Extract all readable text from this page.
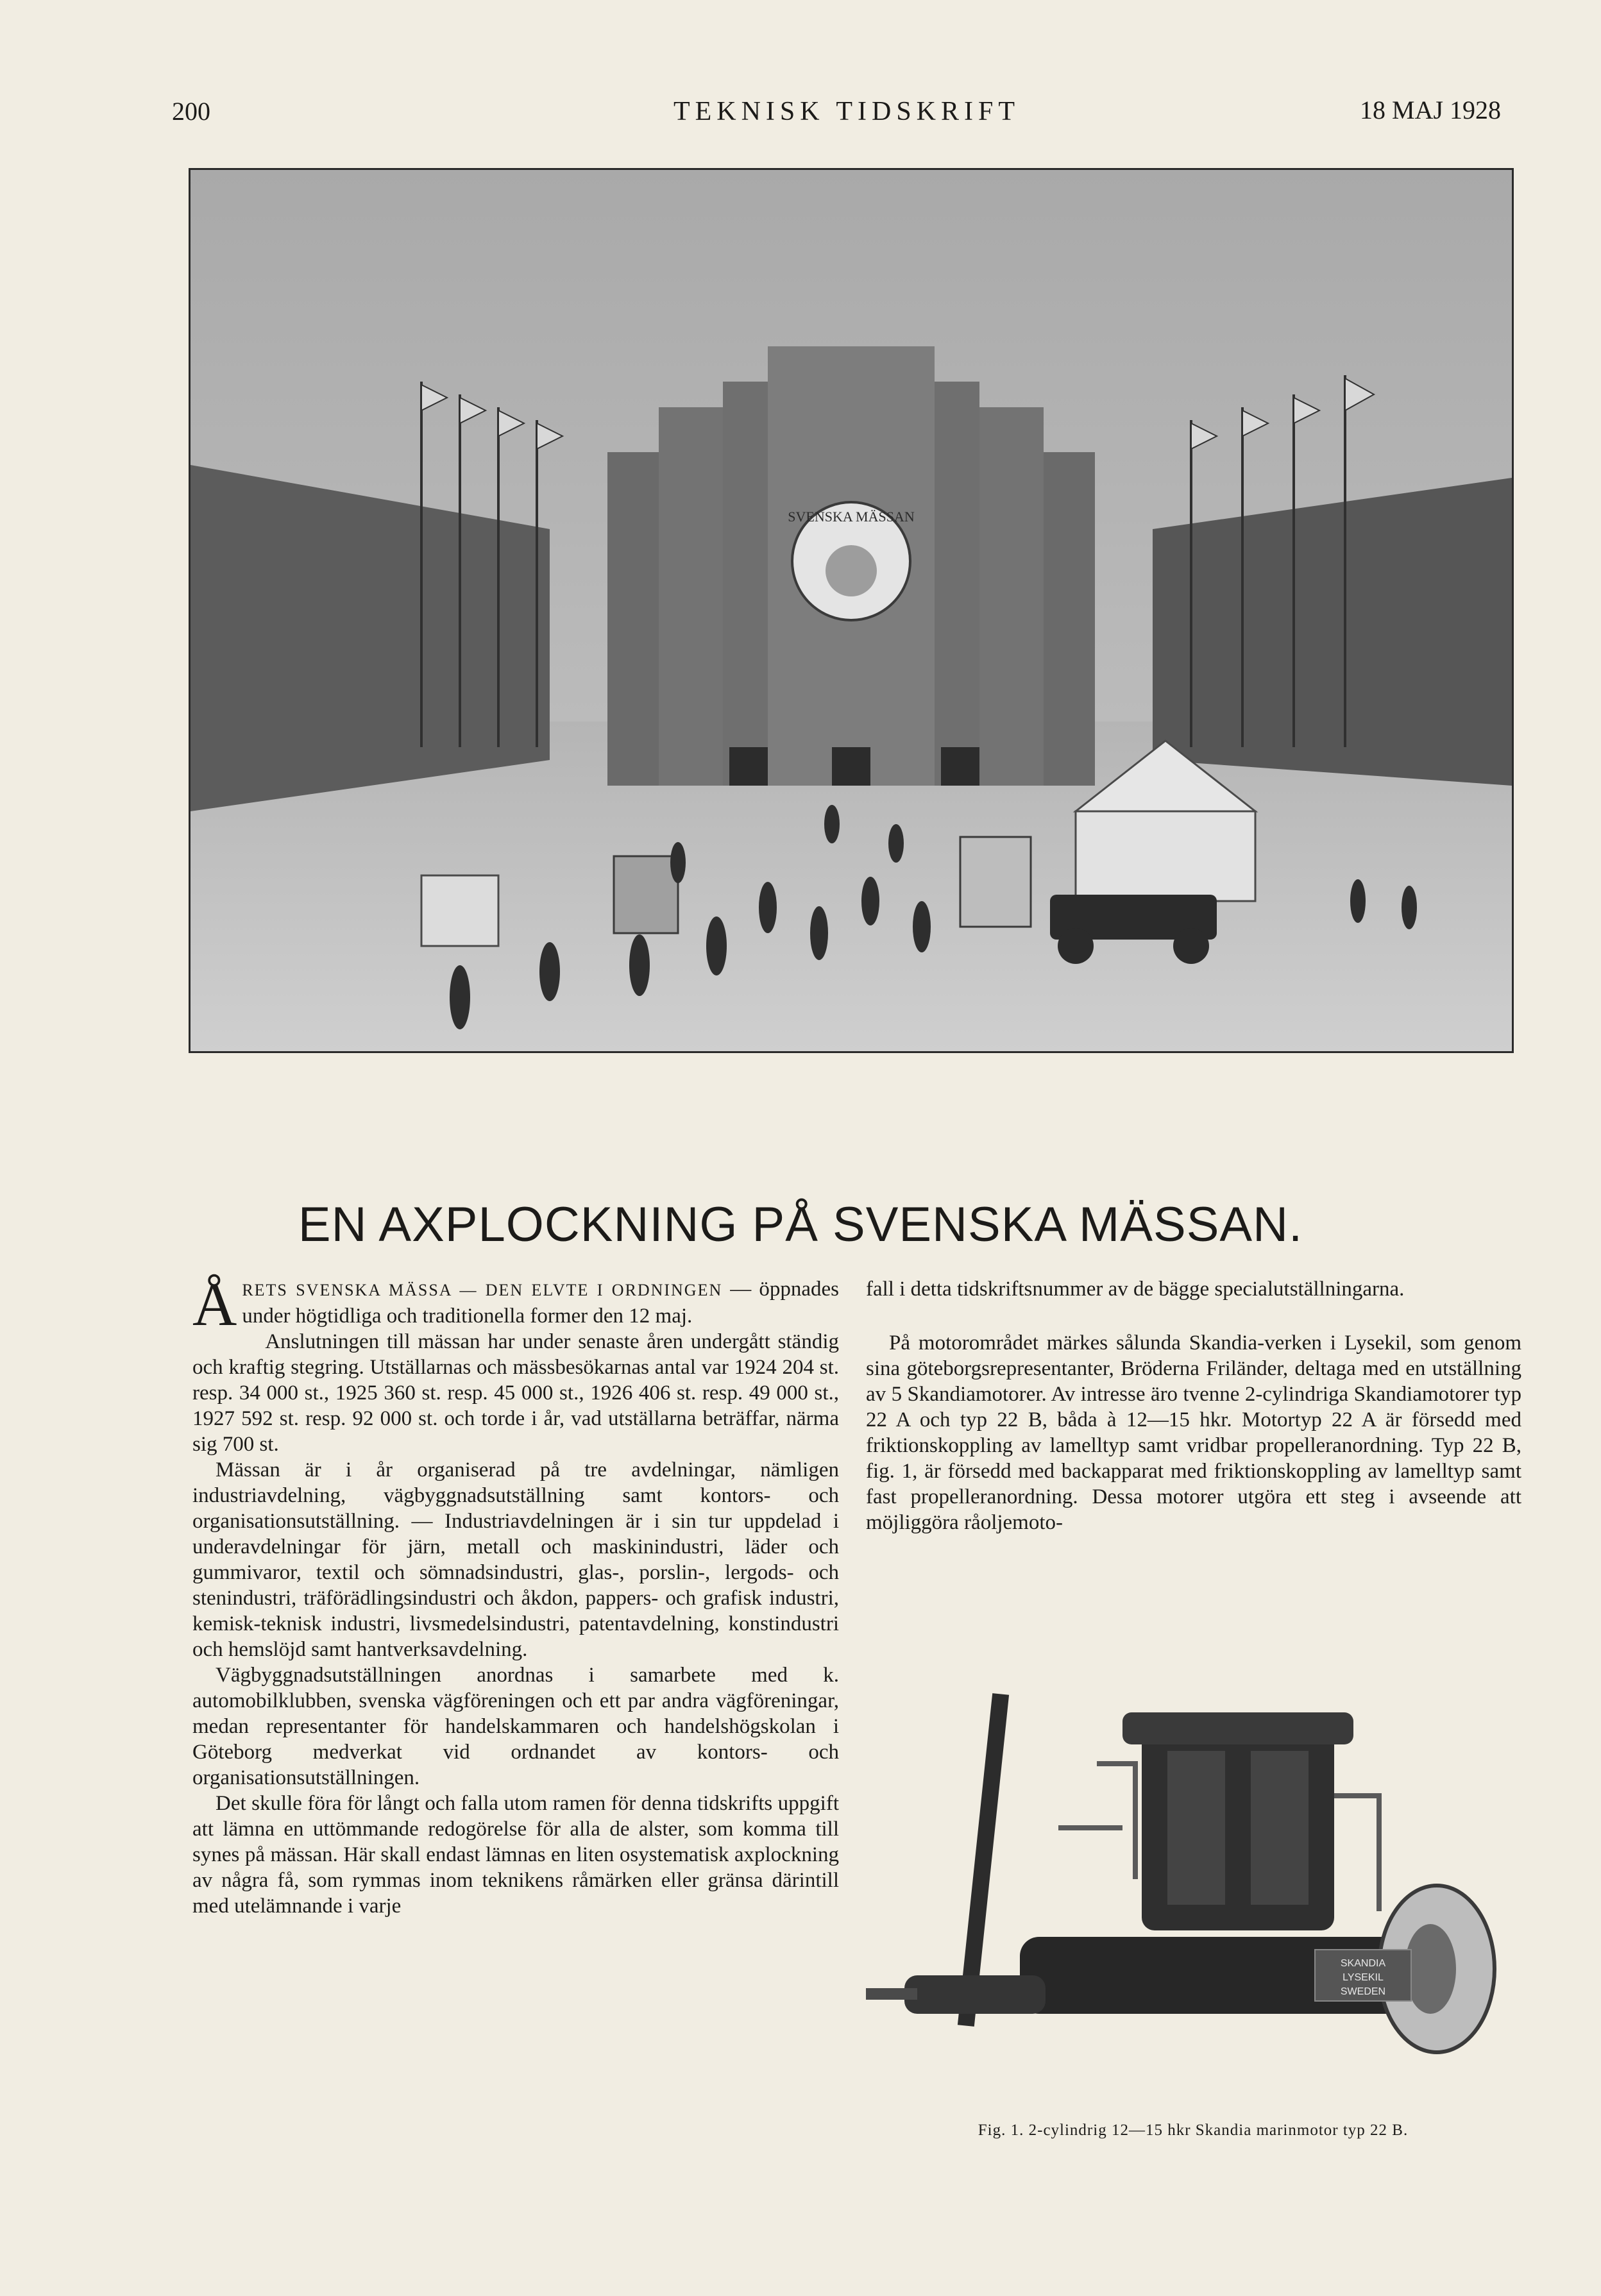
200	TEKNISK TIDSKRIFT	18 MAJ 1928
SVENSKA MÄSSAN
EN AXPLOCKNING PÅ SVENSKA MÄSSAN.

ÅRETS SVENSKA MÄSSA — DEN ELVTE I ORDNINGEN — öppnades under högtidliga och traditionella former den 12 maj.

Anslutningen till mässan har under senaste åren undergått ständig och kraftig stegring. Utställarnas och mässbesökarnas antal var 1924 204 st. resp. 34 000 st., 1925 360 st. resp. 45 000 st., 1926 406 st. resp. 49 000 st., 1927 592 st. resp. 92 000 st. och torde i år, vad utställarna beträffar, närma sig 700 st.

Mässan är i år organiserad på tre avdelningar, nämligen industriavdelning, vägbyggnadsutställning samt kontors- och organisationsutställning. — Industriavdelningen är i sin tur uppdelad i underavdelningar för järn, metall och maskinindustri, läder och gummivaror, textil och sömnadsindustri, glas-, porslin-, lergods- och stenindustri, träförädlingsindustri och åkdon, pappers- och grafisk industri, kemisk-teknisk industri, livsmedelsindustri, patentavdelning, konstindustri och hemslöjd samt hantverksavdelning.

Vägbyggnadsutställningen anordnas i samarbete med k. automobilklubben, svenska vägföreningen och ett par andra vägföreningar, medan representanter för handelskammaren och handelshögskolan i Göteborg medverkat vid ordnandet av kontors- och organisationsutställningen.

Det skulle föra för långt och falla utom ramen för denna tidskrifts uppgift att lämna en uttömmande redogörelse för alla de alster, som komma till synes på mässan. Här skall endast lämnas en liten osystematisk axplockning av några få, som rymmas inom teknikens råmärken eller gränsa därintill med utelämnande i varje

fall i detta tidskriftsnummer av de bägge specialutställningarna.

På motorområdet märkes sålunda Skandia-verken i Lysekil, som genom sina göteborgsrepresentanter, Bröderna Friländer, deltaga med en utställning av 5 Skandiamotorer. Av intresse äro tvenne 2-cylindriga Skandiamotorer typ 22 A och typ 22 B, båda à 12—15 hkr. Motortyp 22 A är försedd med friktionskoppling av lamelltyp samt vridbar propelleranordning. Typ 22 B, fig. 1, är försedd med backapparat med friktionskoppling av lamelltyp samt fast propelleranordning. Dessa motorer utgöra ett steg i avseende att möjliggöra råoljemoto-

SKANDIA
LYSEKIL
SWEDEN
Fig. 1. 2-cylindrig 12—15 hkr Skandia marinmotor typ 22 B.
